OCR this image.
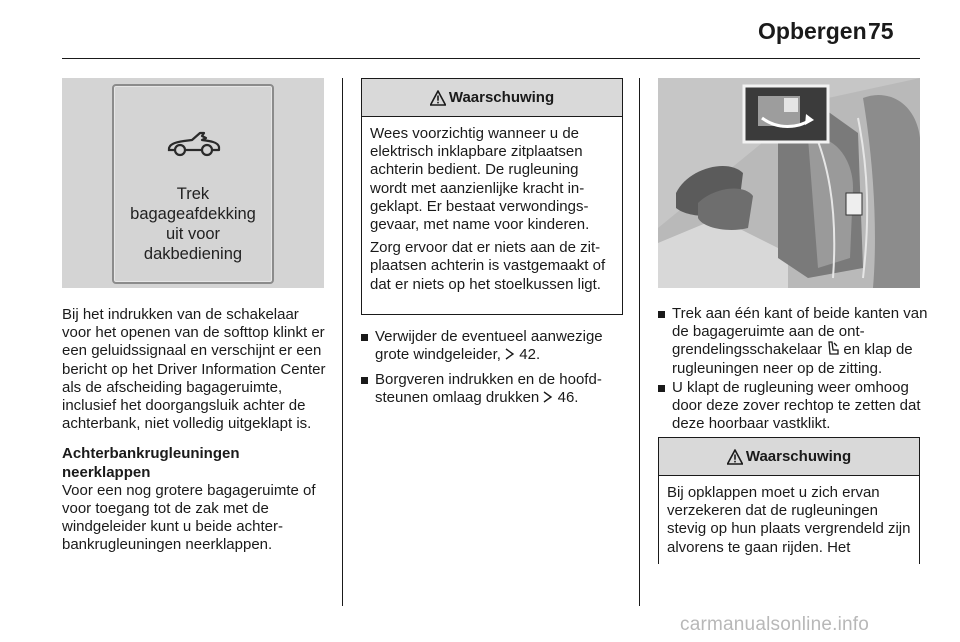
Opbergen 75
Trek
bagageafdekking
uit voor
dakbediening

Bij het indrukken van de schakelaar voor het openen van de softtop klinkt er een geluidssignaal en verschijnt er een bericht op het Driver Information Center als de afscheiding bagageruimte, inclusief het doorgangsluik achter de achterbank, niet volledig uitgeklapt is.

Achterbankrugleuningen
neerklappen

Voor een nog grotere bagageruimte of voor toegang tot de zak met de windgeleider kunt u beide achterbankrugleuningen neerklappen.

Waarschuwing

Wees voorzichtig wanneer u de elektrisch inklapbare zitplaatsen achterin bedient. De rugleuning wordt met aanzienlijke kracht ingeklapt. Er bestaat verwondingsgevaar, met name voor kinderen.

Zorg ervoor dat er niets aan de zitplaatsen achterin is vastgemaakt of dat er niets op het stoelkussen ligt.

Verwijder de eventueel aanwezige grote windgeleider,  42.
Borgveren indrukken en de hoofdsteunen omlaag drukken  46.
Trek aan één kant of beide kanten van de bagageruimte aan de ontgrendelingsschakelaar  en klap de rugleuningen neer op de zitting.
U klapt de rugleuning weer omhoog door deze zover rechtop te zetten dat deze hoorbaar vastklikt.
Waarschuwing

Bij opklappen moet u zich ervan verzekeren dat de rugleuningen stevig op hun plaats vergrendeld zijn alvorens te gaan rijden. Het

carmanualsonline.info
